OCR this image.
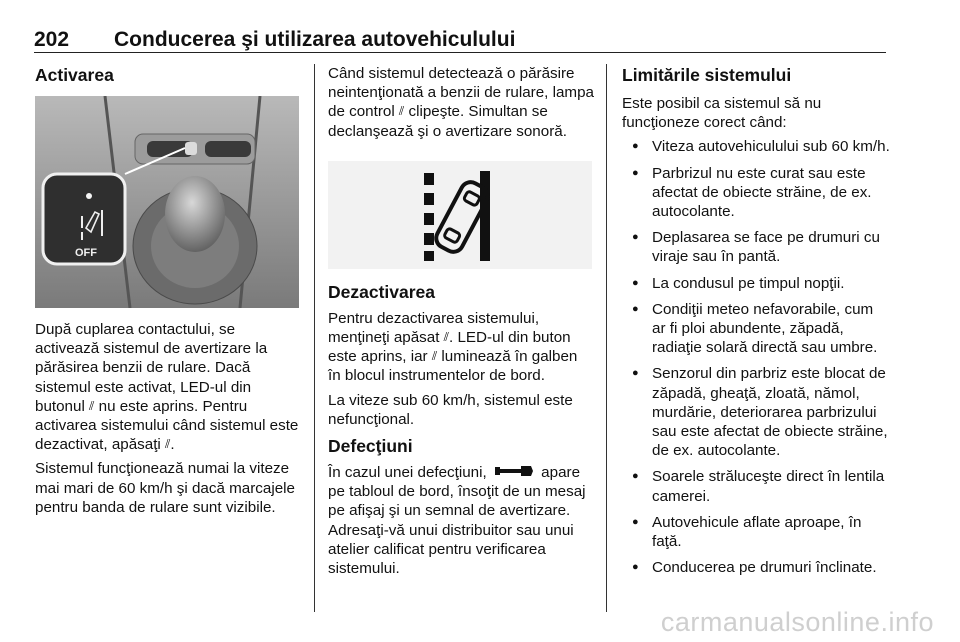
202 Conducerea şi utilizarea autovehiculului
Activarea
OFF

După cuplarea contactului, se activează sistemul de avertizare la părăsirea benzii de rulare. Dacă sistemul este activat, LED-ul din butonul ⫽ nu este aprins. Pentru activarea sistemului când sistemul este dezactivat, apăsaţi ⫽.

Sistemul funcţionează numai la viteze mai mari de 60 km/h şi dacă marcajele pentru banda de rulare sunt vizibile.

Când sistemul detectează o părăsire neintenţionată a benzii de rulare, lampa de control ⫽ clipeşte. Simultan se declanşează şi o avertizare sonoră.

Dezactivarea

Pentru dezactivarea sistemului, menţineţi apăsat ⫽. LED-ul din buton este aprins, iar ⫽ luminează în galben în blocul instrumentelor de bord.

La viteze sub 60 km/h, sistemul este nefuncţional.

Defecţiuni

În cazul unei defecţiuni,	apare pe tabloul de bord, însoţit de un mesaj pe afişaj şi un semnal de avertizare. Adresaţi-vă unui distribuitor sau unui atelier calificat pentru verificarea sistemului.

Limitările sistemului

Este posibil ca sistemul să nu funcţioneze corect când:

● Viteza autovehiculului sub 60 km/h.
● Parbrizul nu este curat sau este afectat de obiecte străine, de ex. autocolante.
● Deplasarea se face pe drumuri cu viraje sau în pantă.
● La condusul pe timpul nopţii.
● Condiţii meteo nefavorabile, cum ar fi ploi abundente, zăpadă, radiaţie solară directă sau umbre.
● Senzorul din parbriz este blocat de zăpadă, gheaţă, zloată, nămol, murdărie, deteriorarea parbrizului sau este afectat de obiecte străine, de ex. autocolante.
● Soarele străluceşte direct în lentila camerei.
● Autovehicule aflate aproape, în faţă.
● Conducerea pe drumuri înclinate.
carmanualsonline.info
